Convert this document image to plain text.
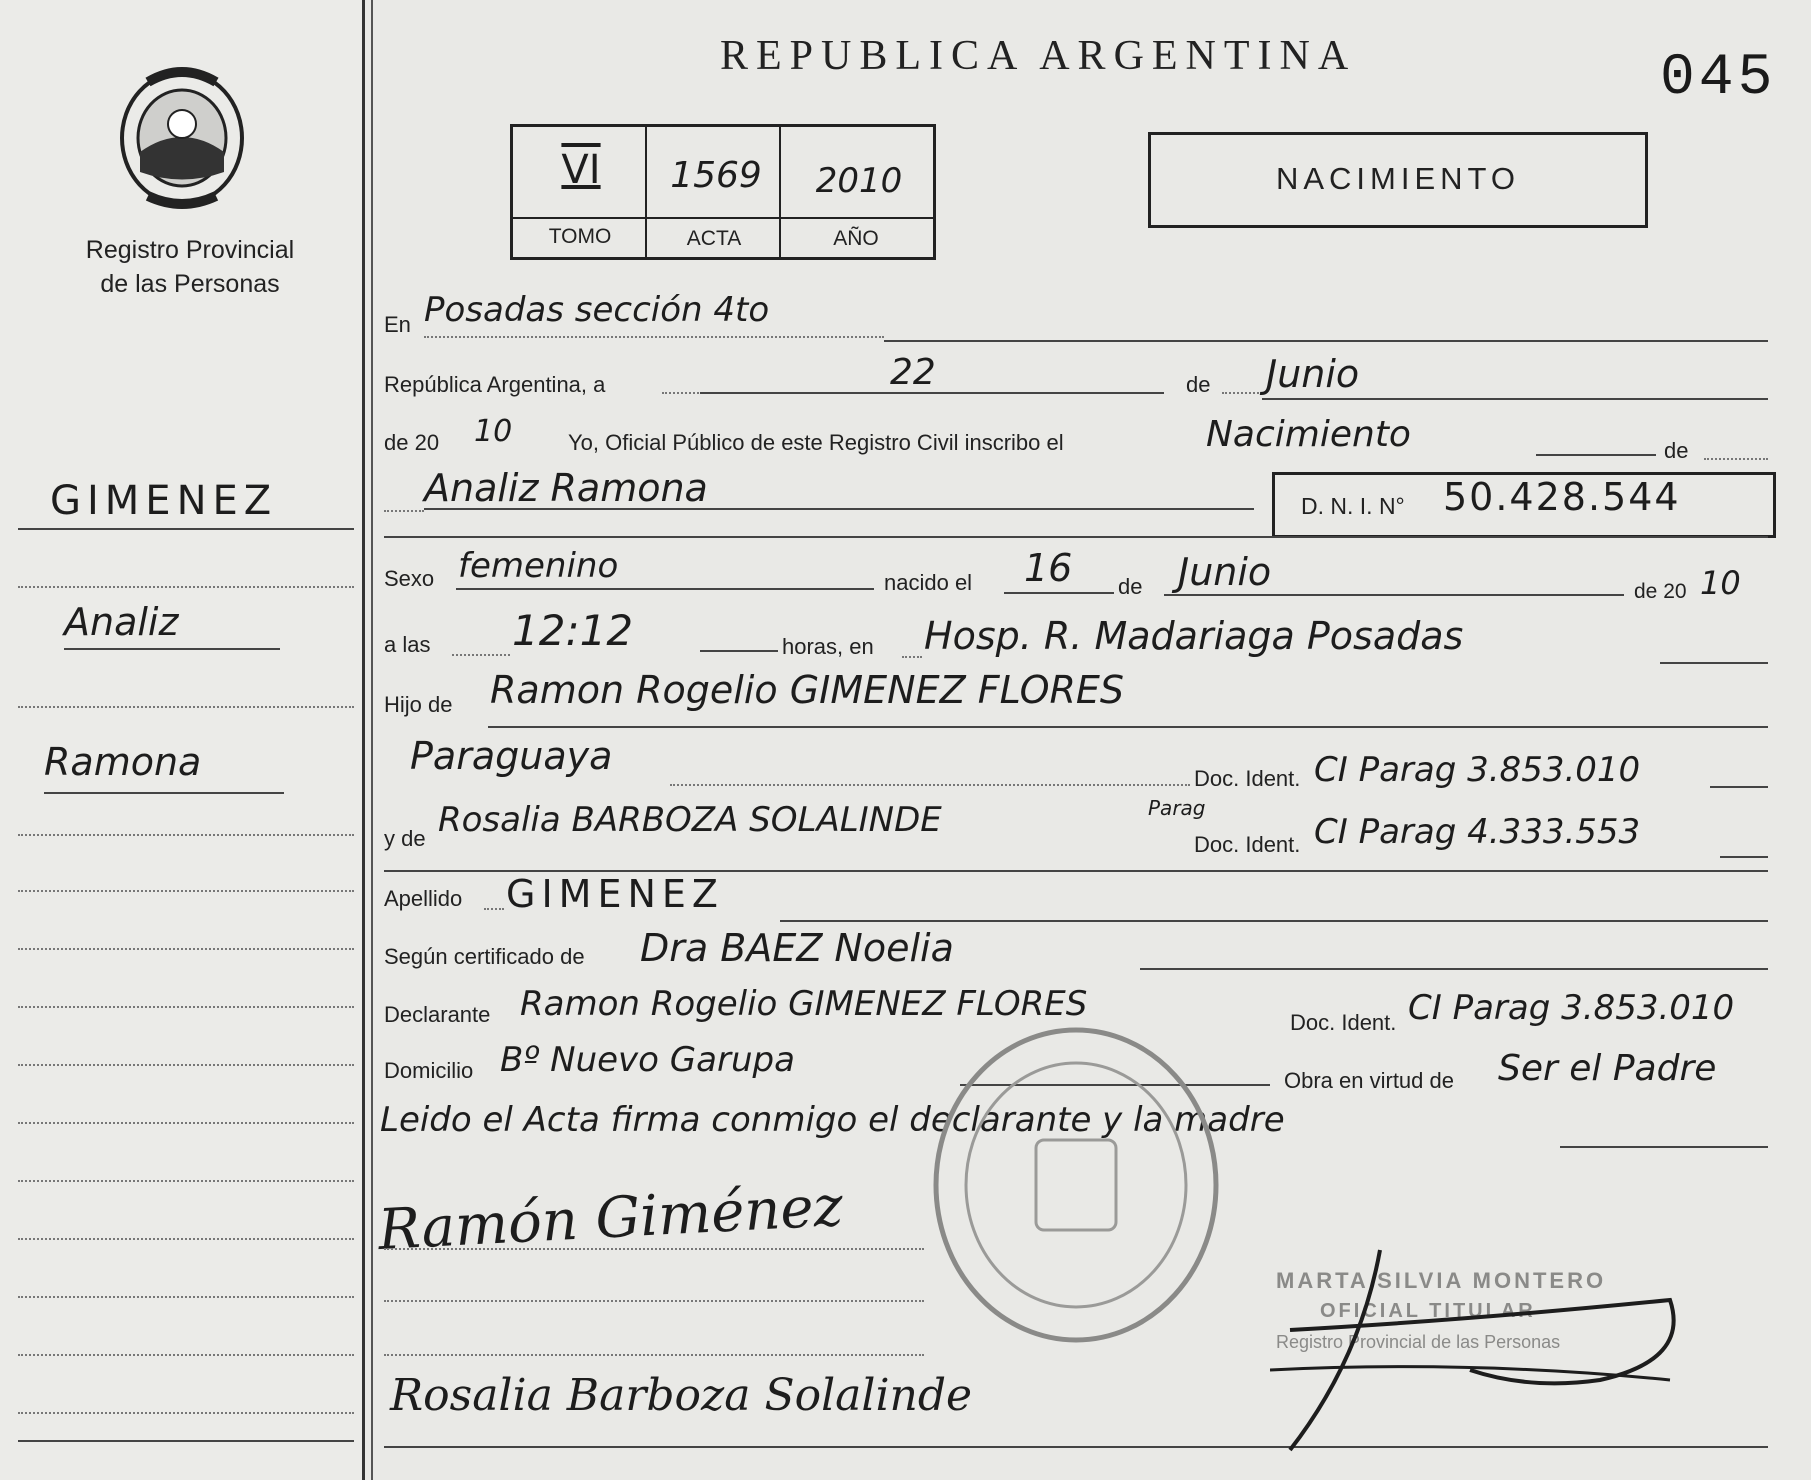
Registro Provincial
de las Personas
GIMENEZ
Analiz
Ramona
REPUBLICA ARGENTINA	045
VI	1569	2010
TOMO	ACTA	AÑO
NACIMIENTO
En Posadas sección 4to
República Argentina, a	22	de Junio
de 20 10	Yo, Oficial Público de este Registro Civil inscribo el	Nacimiento	de
Analiz Ramona	D. N. I. N° 50.428.544
Sexo femenino	nacido el 16 de Junio	de 20 10
a las 12:12	horas, en Hosp. R. Madariaga Posadas
Hijo de Ramon Rogelio GIMENEZ FLORES
Paraguaya
Doc. Ident. CI Parag 3.853.010
y de Rosalia BARBOZA SOLALINDE	Parag
Doc. Ident. CI Parag 4.333.553
Apellido GIMENEZ
Según certificado de Dra BAEZ Noelia
Declarante Ramon Rogelio GIMENEZ FLORES	Doc. Ident. CI Parag 3.853.010
Domicilio Bº Nuevo Garupa
Obra en virtud de Ser el Padre
Leido el Acta firma conmigo el declarante y la madre
Ramón Giménez
Rosalia Barboza Solalinde
MARTA SILVIA MONTERO
OFICIAL TITULAR
Registro Provincial de las Personas
